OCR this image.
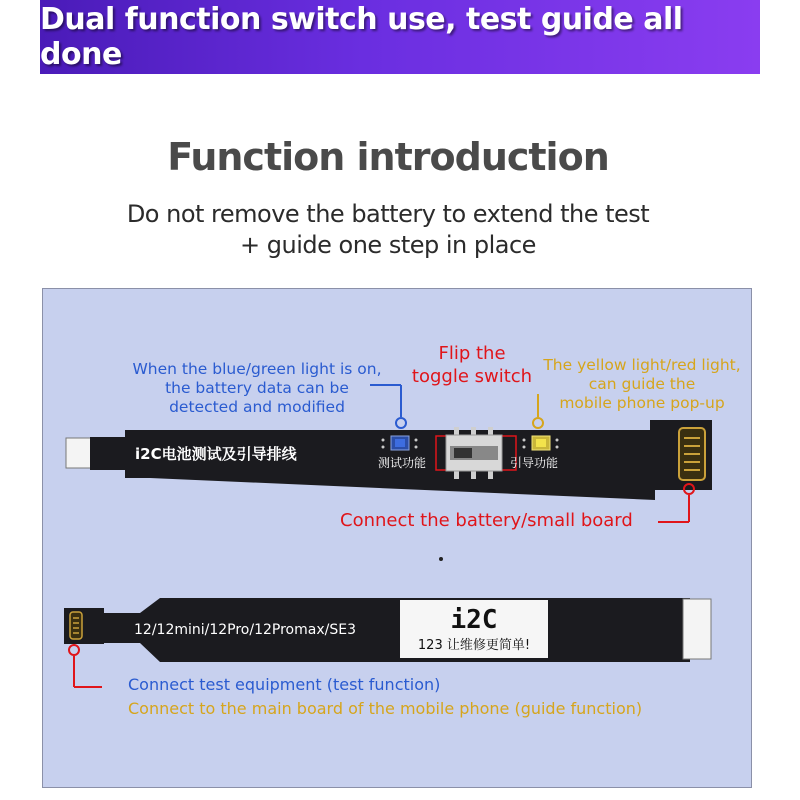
Dual function switch use, test guide all done
Function introduction
Do not remove the battery to extend the test
+ guide one step in place
i2C电池测试及引导排线	测试功能	引导功能
12/12mini/12Pro/12Promax/SE3	i2C
123 让维修更简单!
When the blue/green light is on,
the battery data can be
detected and modified
Flip the
toggle switch
The yellow light/red light,
can guide the
mobile phone pop-up
Connect the battery/small board
Connect test equipment (test function)
Connect to the main board of the mobile phone (guide function)
